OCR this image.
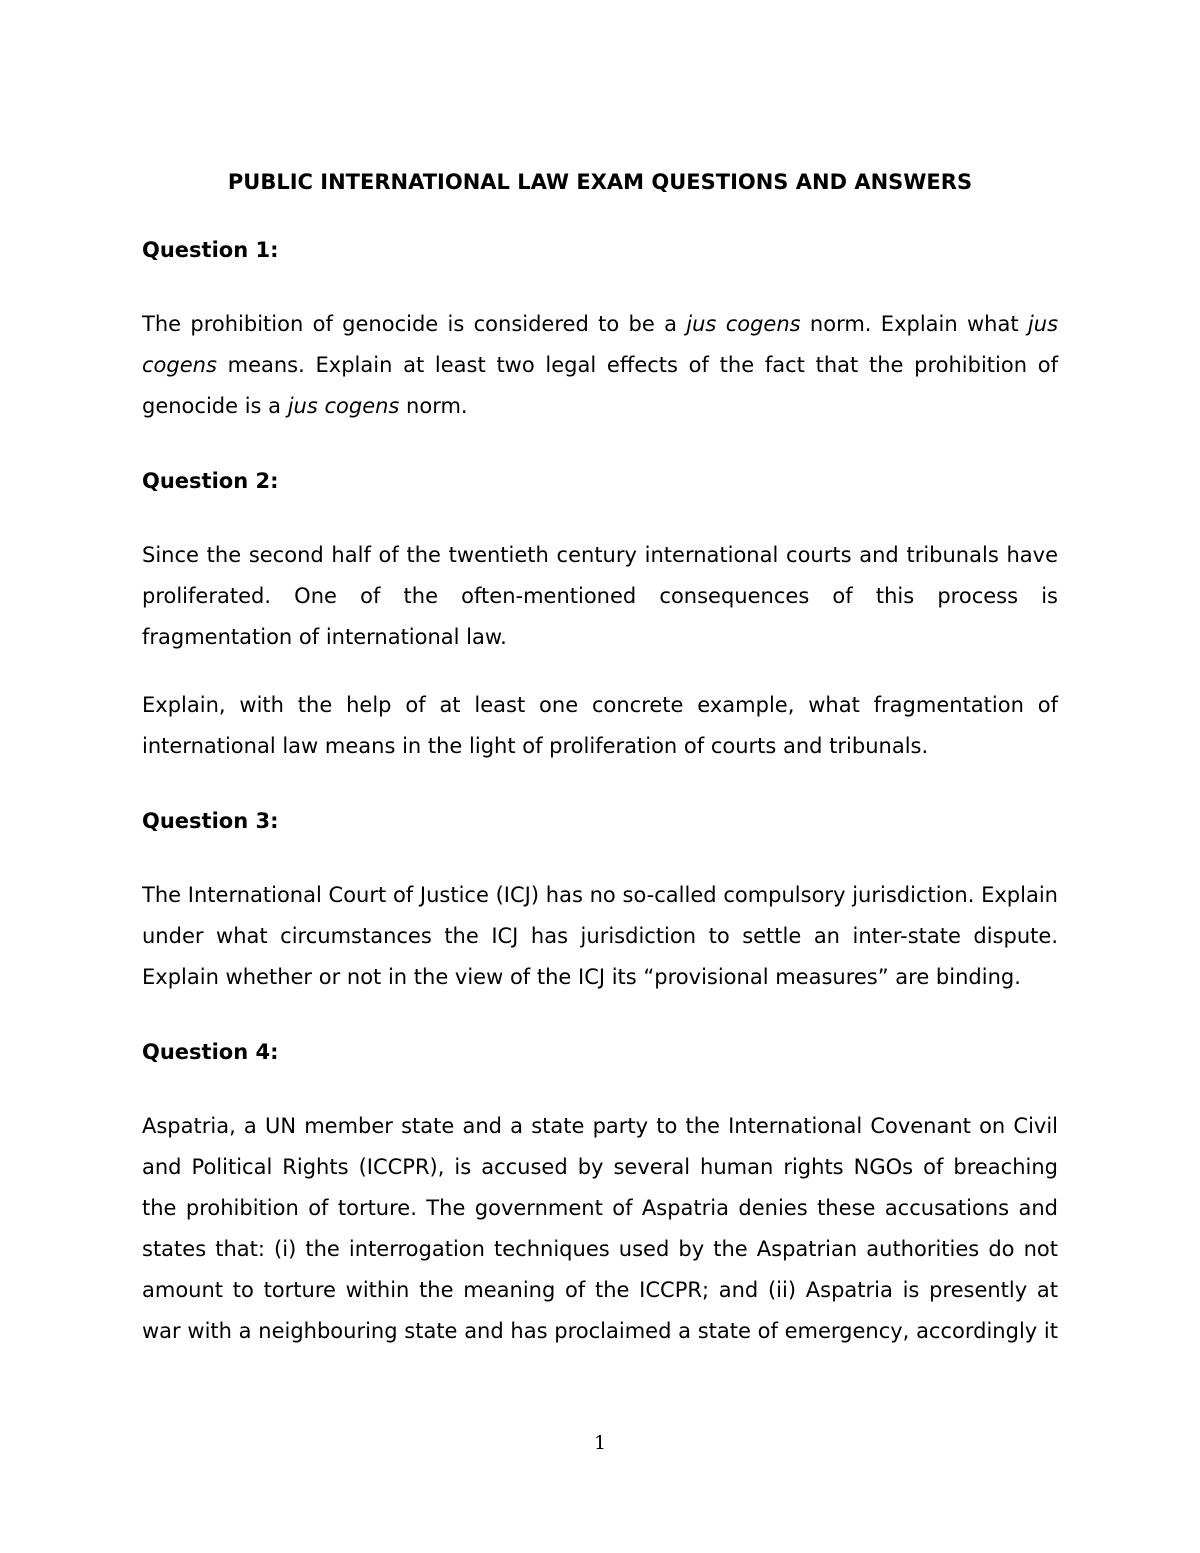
PUBLIC INTERNATIONAL LAW EXAM QUESTIONS AND ANSWERS
Question 1:

The prohibition of genocide is considered to be a jus cogens norm. Explain what jus cogens means. Explain at least two legal effects of the fact that the prohibition of genocide is a jus cogens norm.

Question 2:

Since the second half of the twentieth century international courts and tribunals have proliferated. One of the often-mentioned consequences of this process is fragmentation of international law.

Explain, with the help of at least one concrete example, what fragmentation of international law means in the light of proliferation of courts and tribunals.

Question 3:

The International Court of Justice (ICJ) has no so-called compulsory jurisdiction. Explain under what circumstances the ICJ has jurisdiction to settle an inter-state dispute. Explain whether or not in the view of the ICJ its “provisional measures” are binding.

Question 4:

Aspatria, a UN member state and a state party to the International Covenant on Civil and Political Rights (ICCPR), is accused by several human rights NGOs of breaching the prohibition of torture. The government of Aspatria denies these accusations and states that: (i) the interrogation techniques used by the Aspatrian authorities do not amount to torture within the meaning of the ICCPR; and (ii) Aspatria is presently at war with a neighbouring state and has proclaimed a state of emergency, accordingly it

1
